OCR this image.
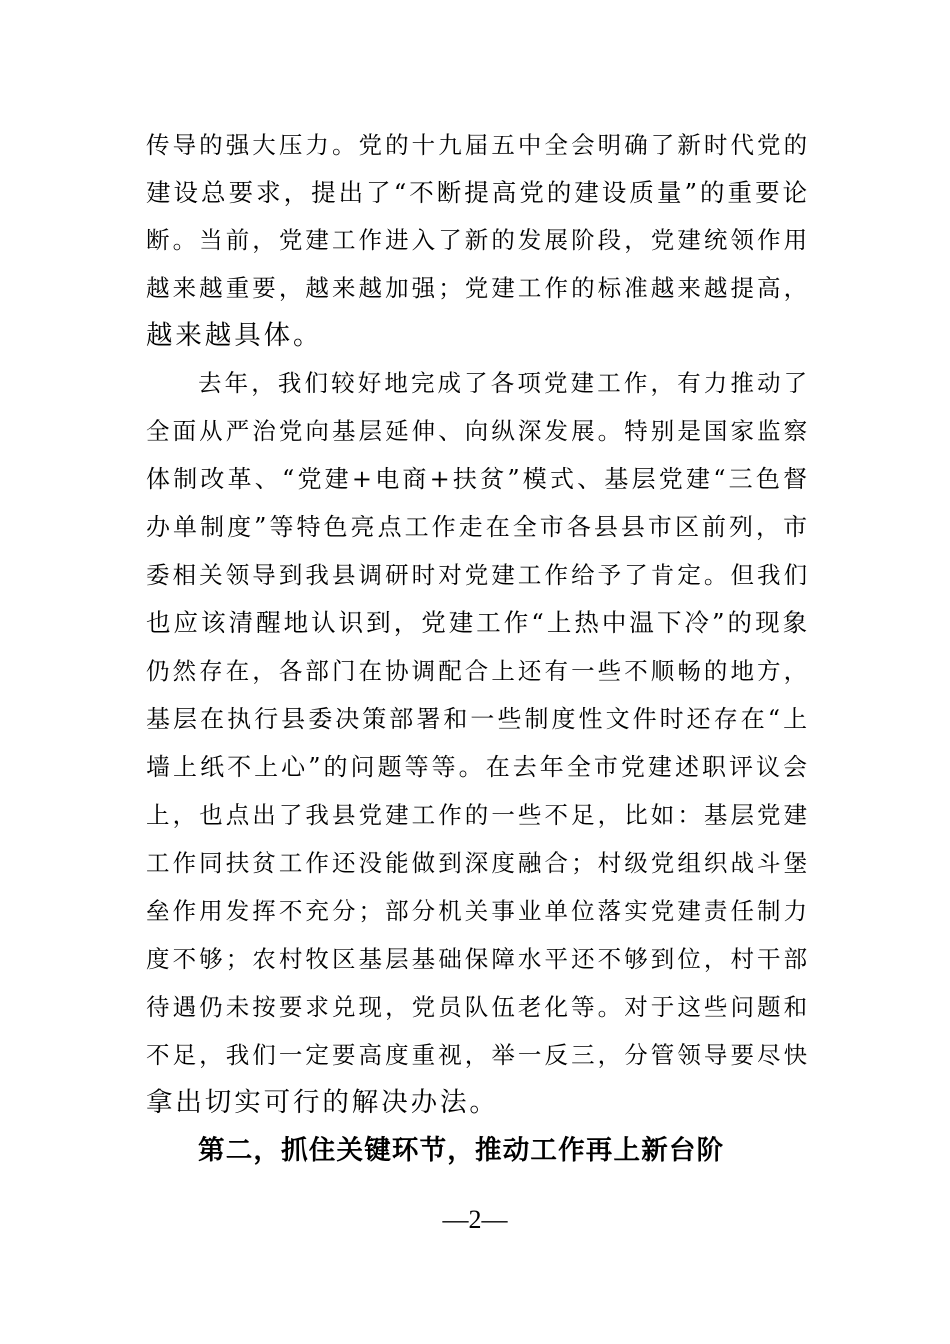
传导的强大压力。党的十九届五中全会明确了新时代党的
建设总要求，提出了“不断提高党的建设质量”的重要论
断。当前，党建工作进入了新的发展阶段，党建统领作用
越来越重要，越来越加强；党建工作的标准越来越提高，
越来越具体。
去年，我们较好地完成了各项党建工作，有力推动了
全面从严治党向基层延伸、向纵深发展。特别是国家监察
体制改革、“党建+电商+扶贫”模式、基层党建“三色督
办单制度”等特色亮点工作走在全市各县县市区前列，市
委相关领导到我县调研时对党建工作给予了肯定。但我们
也应该清醒地认识到，党建工作“上热中温下冷”的现象
仍然存在，各部门在协调配合上还有一些不顺畅的地方，
基层在执行县委决策部署和一些制度性文件时还存在“上
墙上纸不上心”的问题等等。在去年全市党建述职评议会
上，也点出了我县党建工作的一些不足，比如：基层党建
工作同扶贫工作还没能做到深度融合；村级党组织战斗堡
垒作用发挥不充分；部分机关事业单位落实党建责任制力
度不够；农村牧区基层基础保障水平还不够到位，村干部
待遇仍未按要求兑现，党员队伍老化等。对于这些问题和
不足，我们一定要高度重视，举一反三，分管领导要尽快
拿出切实可行的解决办法。
第二，抓住关键环节，推动工作再上新台阶
—2—
